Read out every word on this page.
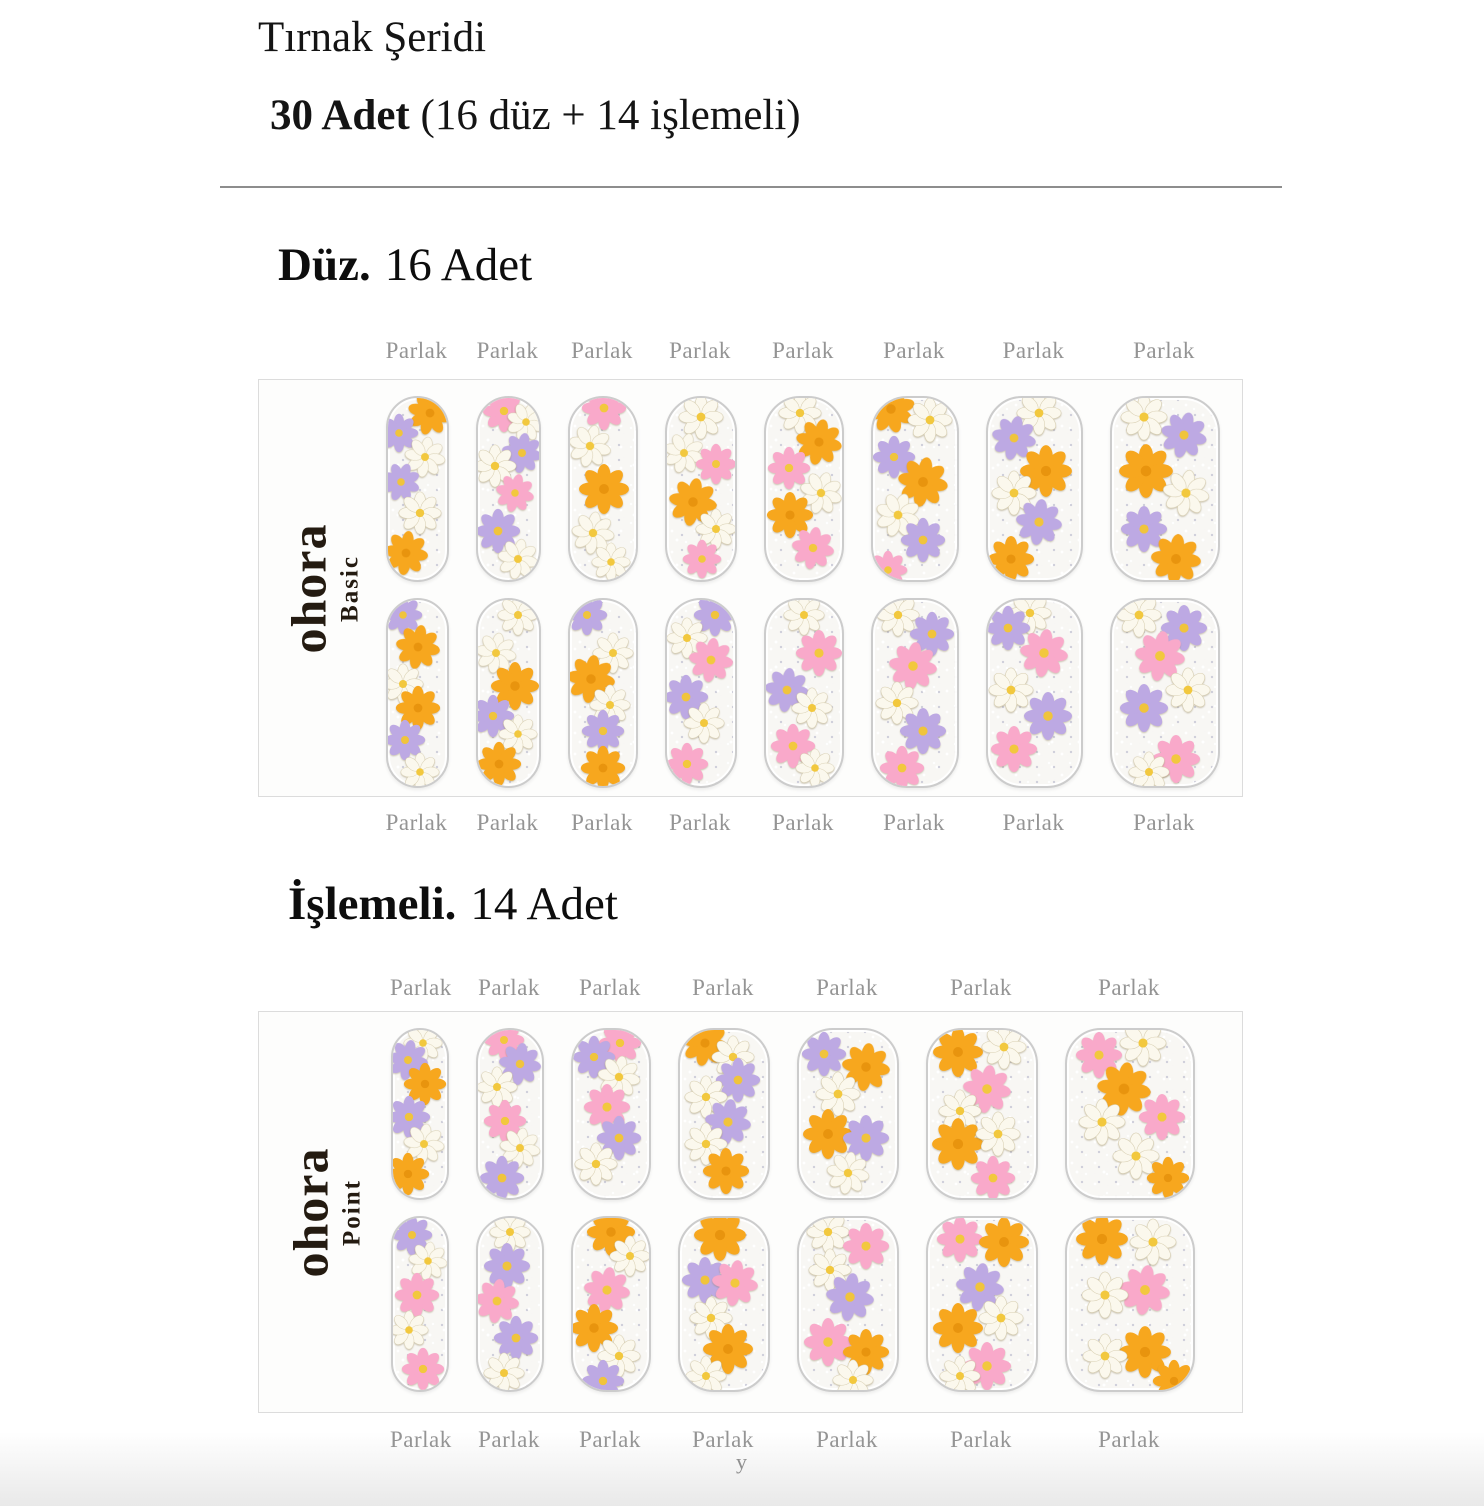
Tırnak Şeridi

30 Adet (16 düz + 14 işlemeli)

Düz. 16 Adet
Parlak Parlak Parlak Parlak	Parlak	Parlak	Parlak	Parlak
ohora Basic
Parlak Parlak Parlak Parlak	Parlak	Parlak	Parlak	Parlak
İşlemeli. 14 Adet
Parlak Parlak	Parlak	Parlak	Parlak	Parlak	Parlak
ohora Point
y
Parlak Parlak	Parlak	Parlak	Parlak	Parlak	Parlak
